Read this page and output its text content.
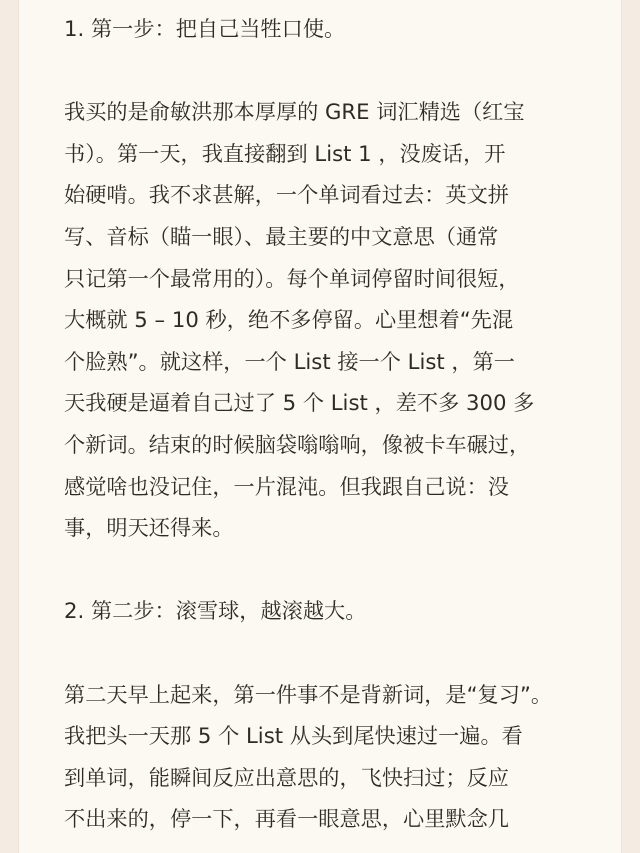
1. 第一步：把自己当牲口使。

我买的是俞敏洪那本厚厚的 GRE 词汇精选（红宝

书）。第一天，我直接翻到 List 1 ，没废话，开

始硬啃。我不求甚解，一个单词看过去：英文拼

写、音标（瞄一眼）、最主要的中文意思（通常

只记第一个最常用的）。每个单词停留时间很短，

大概就 5 – 10 秒，绝不多停留。心里想着“先混

个脸熟”。就这样，一个 List 接一个 List ，第一

天我硬是逼着自己过了 5 个 List ，差不多 300 多

个新词。结束的时候脑袋嗡嗡响，像被卡车碾过，

感觉啥也没记住，一片混沌。但我跟自己说：没

事，明天还得来。

2. 第二步：滚雪球，越滚越大。

第二天早上起来，第一件事不是背新词，是“复习”。

我把头一天那 5 个 List 从头到尾快速过一遍。看

到单词，能瞬间反应出意思的，飞快扫过；反应

不出来的，停一下，再看一眼意思，心里默念几
